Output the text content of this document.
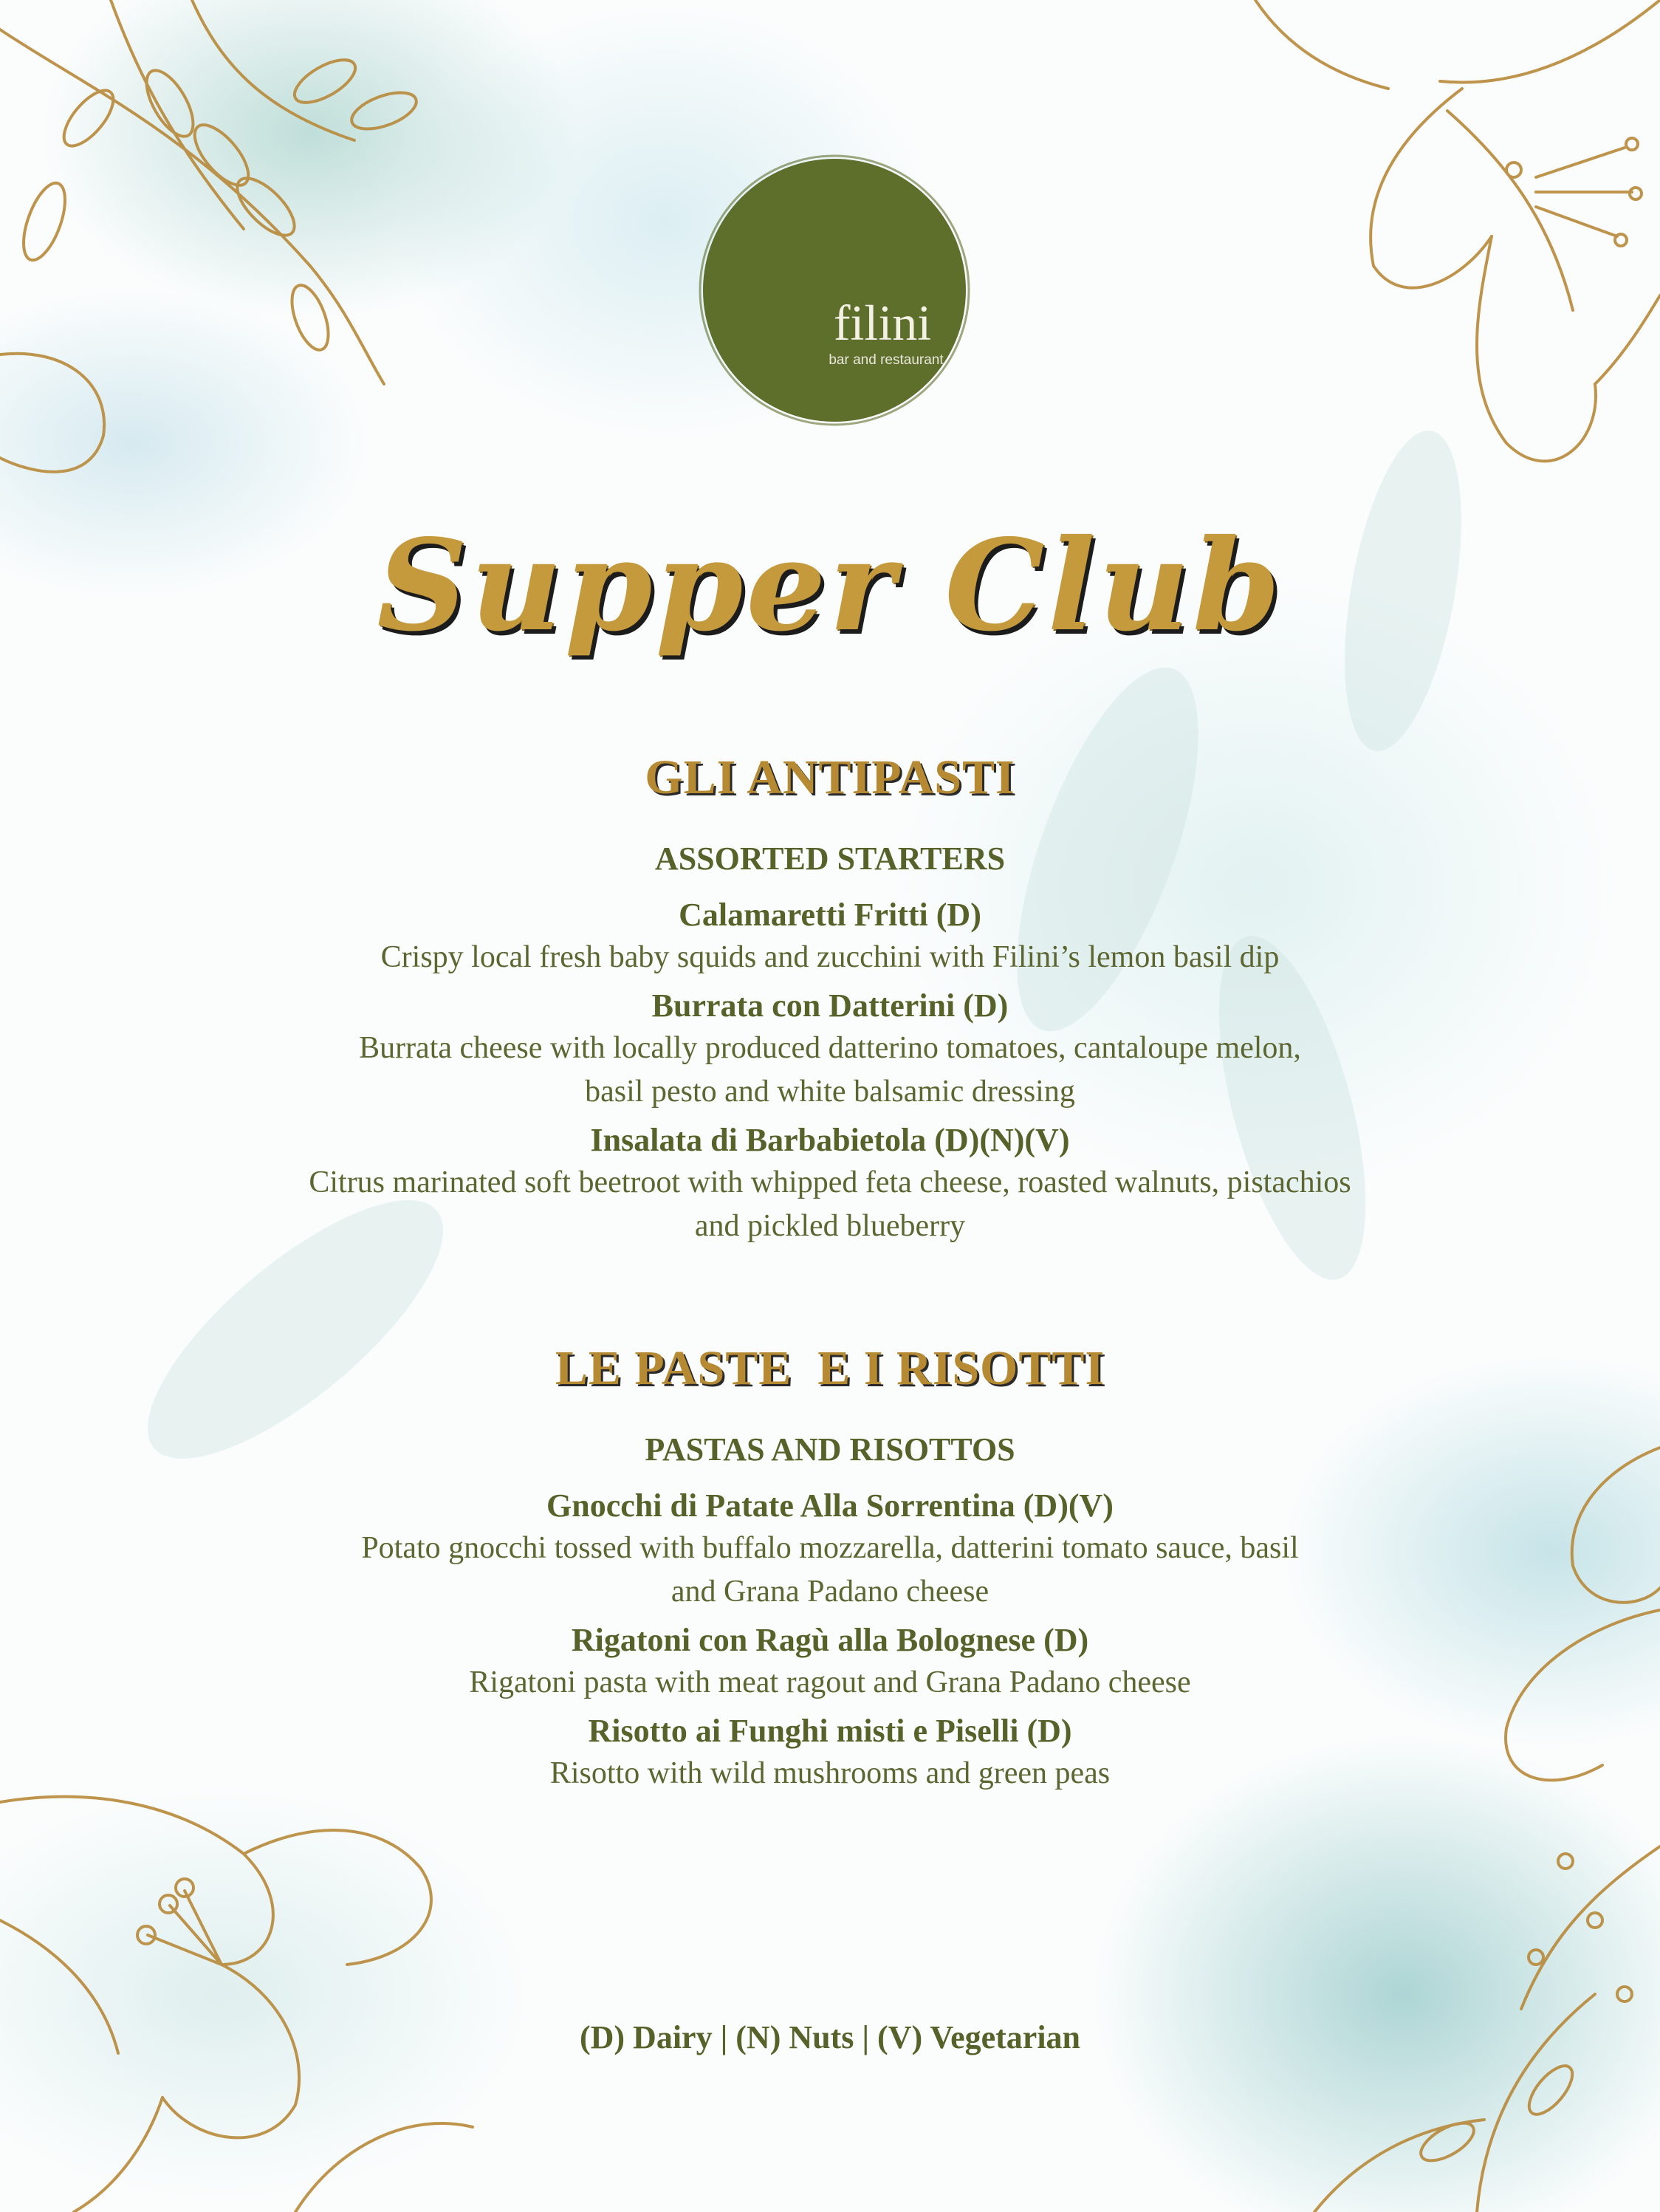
filini
bar and restaurant
Supper Club
GLI ANTIPASTI
ASSORTED STARTERS
Calamaretti Fritti (D)
Crispy local fresh baby squids and zucchini with Filini’s lemon basil dip
Burrata con Datterini (D)
Burrata cheese with locally produced datterino tomatoes, cantaloupe melon,
basil pesto and white balsamic dressing
Insalata di Barbabietola (D)(N)(V)
Citrus marinated soft beetroot with whipped feta cheese, roasted walnuts, pistachios
and pickled blueberry
LE PASTE  E I RISOTTI
PASTAS AND RISOTTOS
Gnocchi di Patate Alla Sorrentina (D)(V)
Potato gnocchi tossed with buffalo mozzarella, datterini tomato sauce, basil
and Grana Padano cheese
Rigatoni con Ragù alla Bolognese (D)
Rigatoni pasta with meat ragout and Grana Padano cheese
Risotto ai Funghi misti e Piselli (D)
Risotto with wild mushrooms and green peas
(D) Dairy | (N) Nuts | (V) Vegetarian
